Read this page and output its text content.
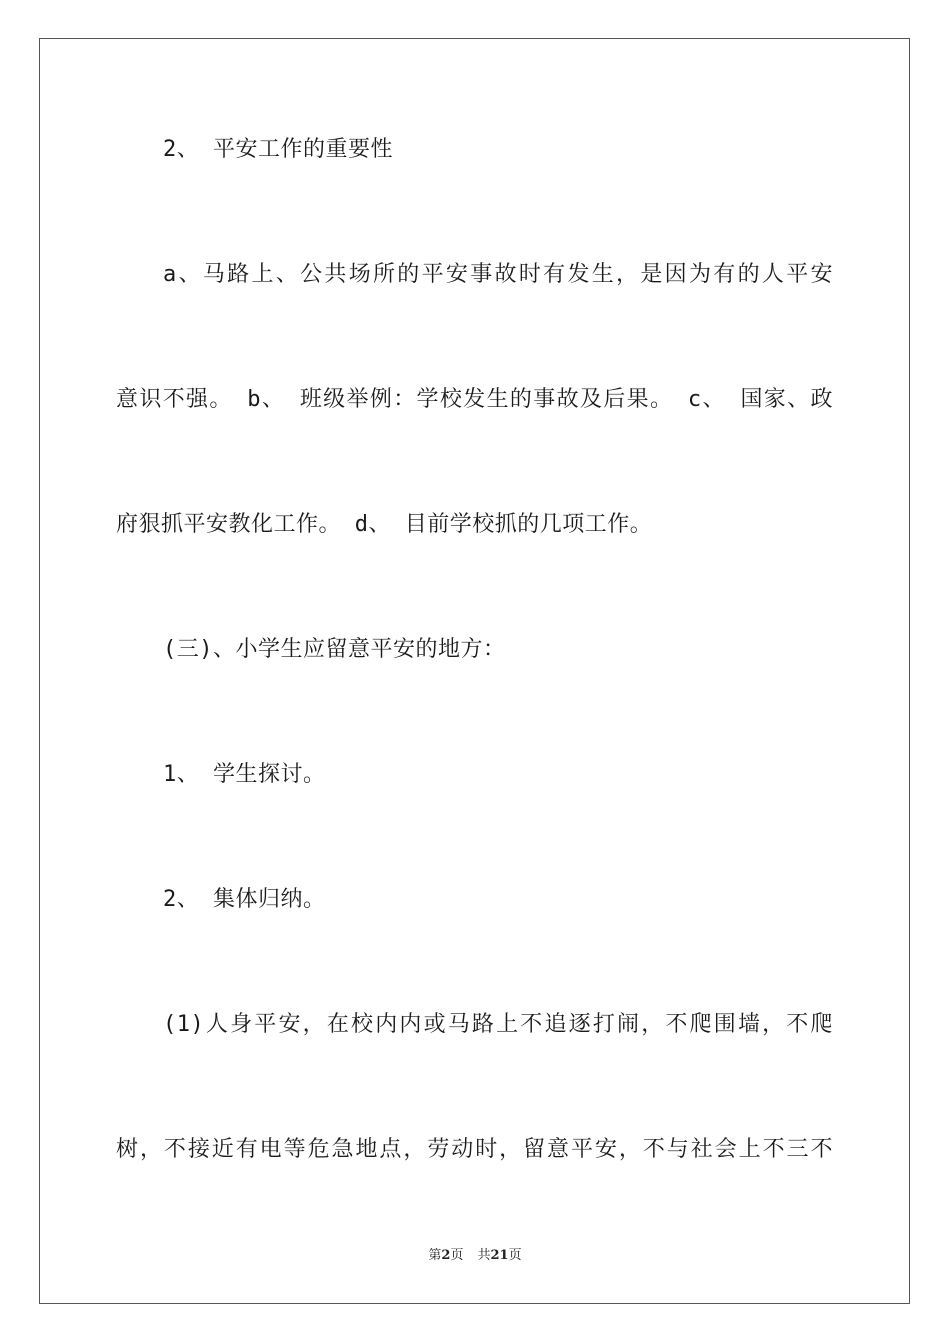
2、 平安工作的重要性
a、马路上、公共场所的平安事故时有发生，是因为有的人平安
意识不强。 b、 班级举例：学校发生的事故及后果。 c、 国家、政
府狠抓平安教化工作。 d、 目前学校抓的几项工作。
(三)、小学生应留意平安的地方：
1、 学生探讨。
2、 集体归纳。
(1)人身平安，在校内内或马路上不追逐打闹，不爬围墙，不爬
树，不接近有电等危急地点，劳动时，留意平安，不与社会上不三不
第2页 共21页
